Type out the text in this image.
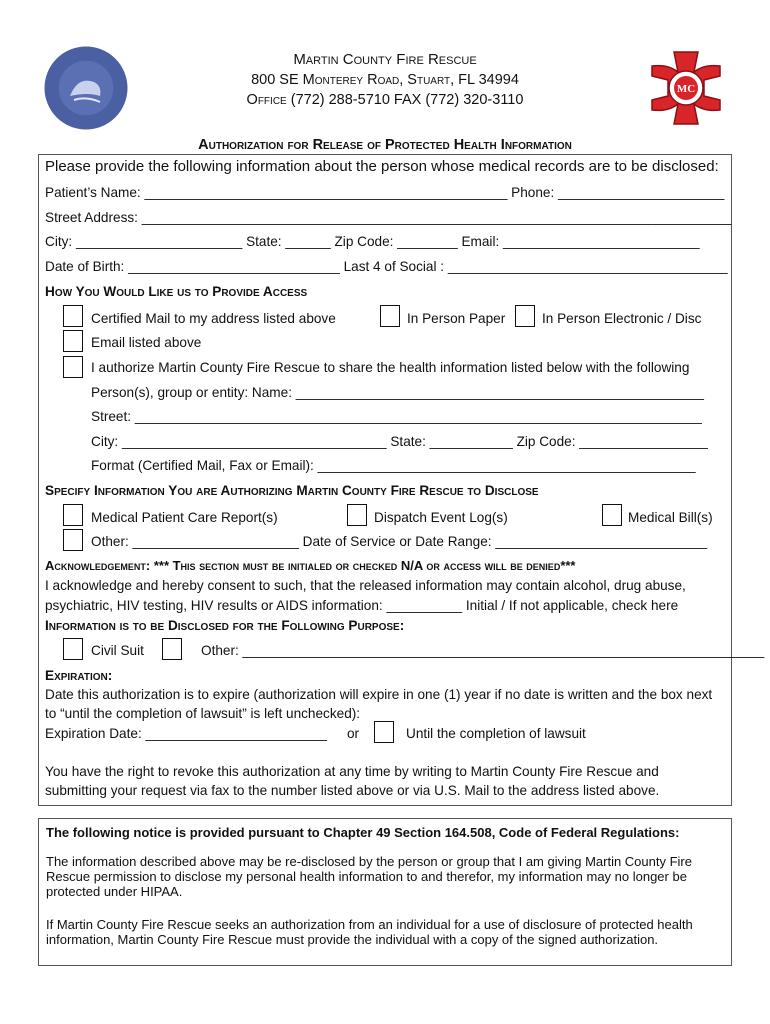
MC
Martin County Fire Rescue
800 SE Monterey Road, Stuart, FL 34994
Office (772) 288-5710 FAX (772) 320-3110
Authorization for Release of Protected Health Information
Please provide the following information about the person whose medical records are to be disclosed:
Patient’s Name: ________________________________________________ Phone: ______________________
Street Address: ______________________________________________________________________________
City: ______________________ State: ______ Zip Code: ________ Email: __________________________
Date of Birth: ____________________________ Last 4 of Social : _____________________________________
How You Would Like us to Provide Access
Certified Mail to my address listed above	In Person Paper	In Person Electronic / Disc
Email listed above
I authorize Martin County Fire Rescue to share the health information listed below with the following
Person(s), group or entity: Name: ______________________________________________________
Street: ___________________________________________________________________________
City: ___________________________________ State: ___________ Zip Code: _________________
Format (Certified Mail, Fax or Email): __________________________________________________
Specify Information You are Authorizing Martin County Fire Rescue to Disclose
Medical Patient Care Report(s)	Dispatch Event Log(s)	Medical Bill(s)
Other: ______________________ Date of Service or Date Range: ____________________________
Acknowledgement: *** This section must be initialed or checked N/A or access will be denied***
I acknowledge and hereby consent to such, that the released information may contain alcohol, drug abuse,
psychiatric, HIV testing, HIV results or AIDS information: __________ Initial / If not applicable, check here
Information is to be Disclosed for the Following Purpose:
Civil Suit	Other: _____________________________________________________________________
Expiration:
Date this authorization is to expire (authorization will expire in one (1) year if no date is written and the box next
to “until the completion of lawsuit” is left unchecked):
Expiration Date: ________________________ or	Until the completion of lawsuit
You have the right to revoke this authorization at any time by writing to Martin County Fire Rescue and
submitting your request via fax to the number listed above or via U.S. Mail to the address listed above.
The following notice is provided pursuant to Chapter 49 Section 164.508, Code of Federal Regulations:
The information described above may be re-disclosed by the person or group that I am giving Martin County Fire Rescue permission to disclose my personal health information to and therefor, my information may no longer be protected under HIPAA.
If Martin County Fire Rescue seeks an authorization from an individual for a use of disclosure of protected health information, Martin County Fire Rescue must provide the individual with a copy of the signed authorization.
